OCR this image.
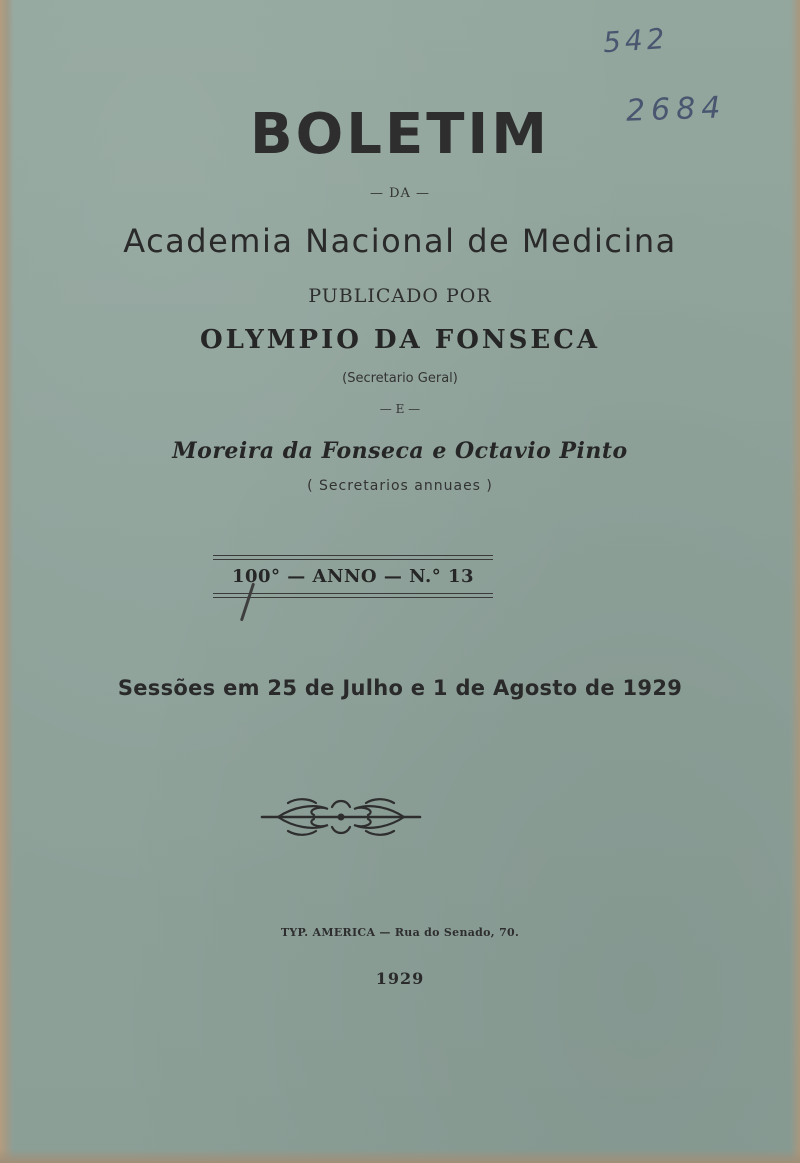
542
2684
BOLETIM
— DA —
Academia Nacional de Medicina
PUBLICADO POR
OLYMPIO DA FONSECA
(Secretario Geral)
— E —
Moreira da Fonseca e Octavio Pinto
( Secretarios annuaes )
100° — ANNO — N.° 13
Sessões em 25 de Julho e 1 de Agosto de 1929
TYP. AMERICA — Rua do Senado, 70.
1929
